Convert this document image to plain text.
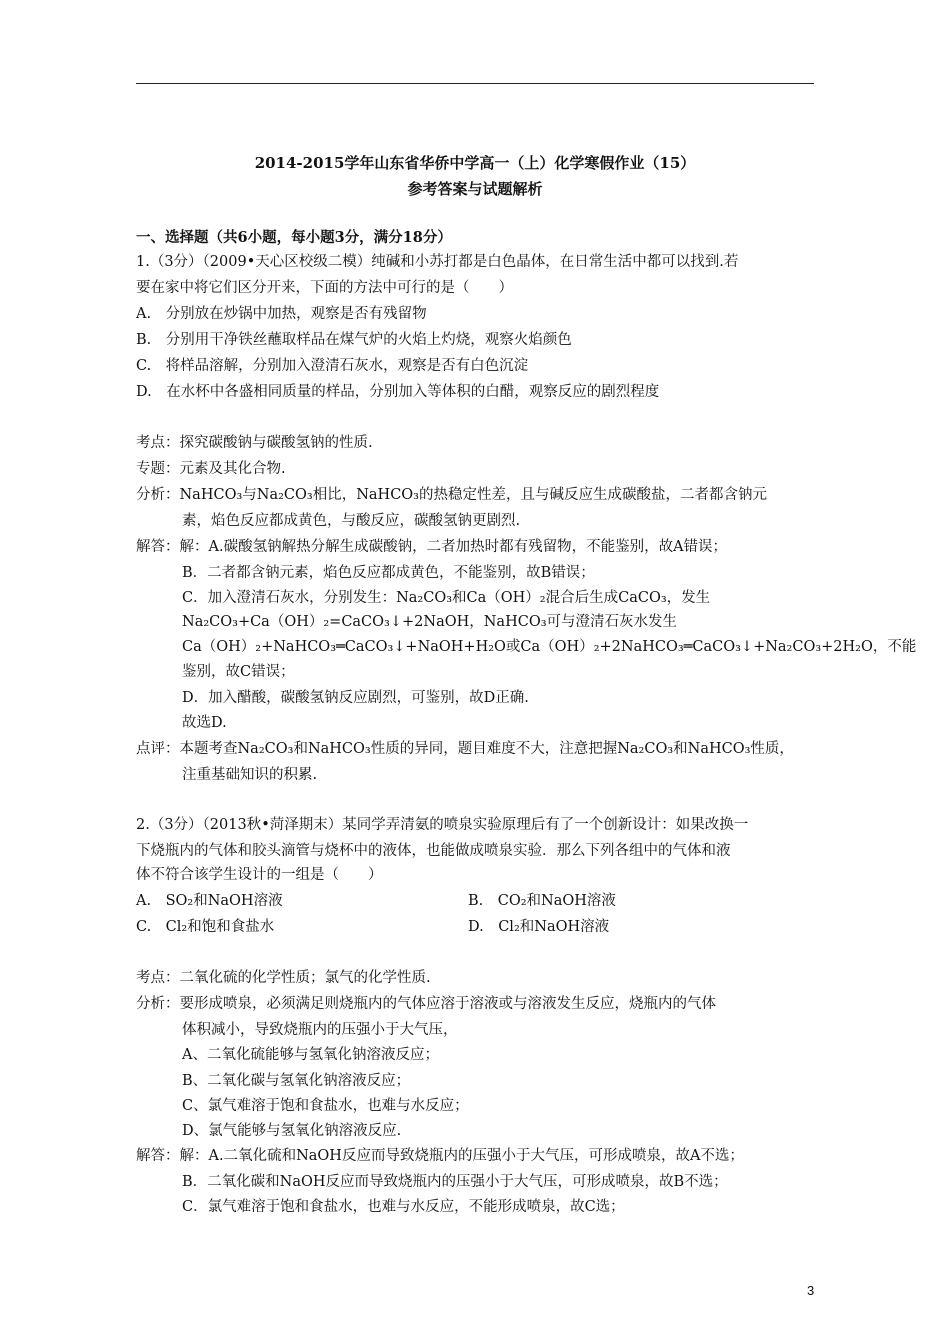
2014-2015学年山东省华侨中学高一（上）化学寒假作业（15）
参考答案与试题解析
一、选择题（共6小题，每小题3分，满分18分）
1.（3分）（2009•天心区校级二模）纯碱和小苏打都是白色晶体，在日常生活中都可以找到.若
要在家中将它们区分开来，下面的方法中可行的是（　　）
A.　分别放在炒锅中加热，观察是否有残留物
B.　分别用干净铁丝蘸取样品在煤气炉的火焰上灼烧，观察火焰颜色
C.　将样品溶解，分别加入澄清石灰水，观察是否有白色沉淀
D.　在水杯中各盛相同质量的样品，分别加入等体积的白醋，观察反应的剧烈程度
考点：探究碳酸钠与碳酸氢钠的性质.
专题：元素及其化合物.
分析：NaHCO₃与Na₂CO₃相比，NaHCO₃的热稳定性差，且与碱反应生成碳酸盐，二者都含钠元
素，焰色反应都成黄色，与酸反应，碳酸氢钠更剧烈.
解答：解：A.碳酸氢钠解热分解生成碳酸钠，二者加热时都有残留物，不能鉴别，故A错误；
B．二者都含钠元素，焰色反应都成黄色，不能鉴别，故B错误；
C．加入澄清石灰水，分别发生：Na₂CO₃和Ca（OH）₂混合后生成CaCO₃，发生
Na₂CO₃+Ca（OH）₂=CaCO₃↓+2NaOH，NaHCO₃可与澄清石灰水发生
Ca（OH）₂+NaHCO₃═CaCO₃↓+NaOH+H₂O或Ca（OH）₂+2NaHCO₃═CaCO₃↓+Na₂CO₃+2H₂O，不能
鉴别，故C错误；
D．加入醋酸，碳酸氢钠反应剧烈，可鉴别，故D正确.
故选D.
点评：本题考查Na₂CO₃和NaHCO₃性质的异同，题目难度不大，注意把握Na₂CO₃和NaHCO₃性质，
注重基础知识的积累.
2.（3分）（2013秋•菏泽期末）某同学弄清氨的喷泉实验原理后有了一个创新设计：如果改换一
下烧瓶内的气体和胶头滴管与烧杯中的液体，也能做成喷泉实验．那么下列各组中的气体和液
体不符合该学生设计的一组是（　　）
A.　SO₂和NaOH溶液	B.　CO₂和NaOH溶液
C.　Cl₂和饱和食盐水	D.　Cl₂和NaOH溶液
考点：二氧化硫的化学性质；氯气的化学性质.
分析：要形成喷泉，必须满足则烧瓶内的气体应溶于溶液或与溶液发生反应，烧瓶内的气体
体积减小，导致烧瓶内的压强小于大气压，
A、二氧化硫能够与氢氧化钠溶液反应；
B、二氧化碳与氢氧化钠溶液反应；
C、氯气难溶于饱和食盐水，也难与水反应；
D、氯气能够与氢氧化钠溶液反应.
解答：解：A.二氧化硫和NaOH反应而导致烧瓶内的压强小于大气压，可形成喷泉，故A不选；
B．二氧化碳和NaOH反应而导致烧瓶内的压强小于大气压，可形成喷泉，故B不选；
C．氯气难溶于饱和食盐水，也难与水反应，不能形成喷泉，故C选；
3
